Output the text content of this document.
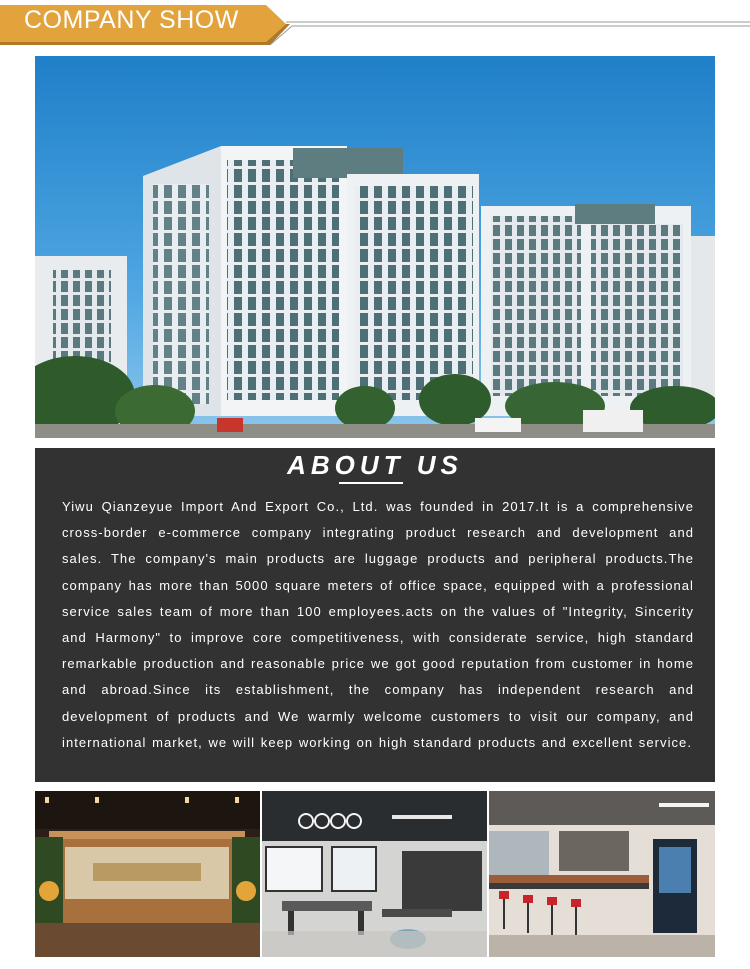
COMPANY SHOW
ABOUT US
Yiwu Qianzeyue Import And Export Co., Ltd. was founded in 2017.It is a comprehensive cross-border e-commerce company integrating product research and development and sales. The company's main products are luggage products and peripheral products.The company has more than 5000 square meters of office space, equipped with a professional service sales team of more than 100 employees.acts on the values of "Integrity, Sincerity and Harmony" to improve core competitiveness, with considerate service, high standard remarkable production and reasonable price we got good reputation from customer in home and abroad.Since its establishment, the company has independent research and development of products and We warmly welcome customers to visit our company, and international market, we will keep working on high standard products and excellent service.
